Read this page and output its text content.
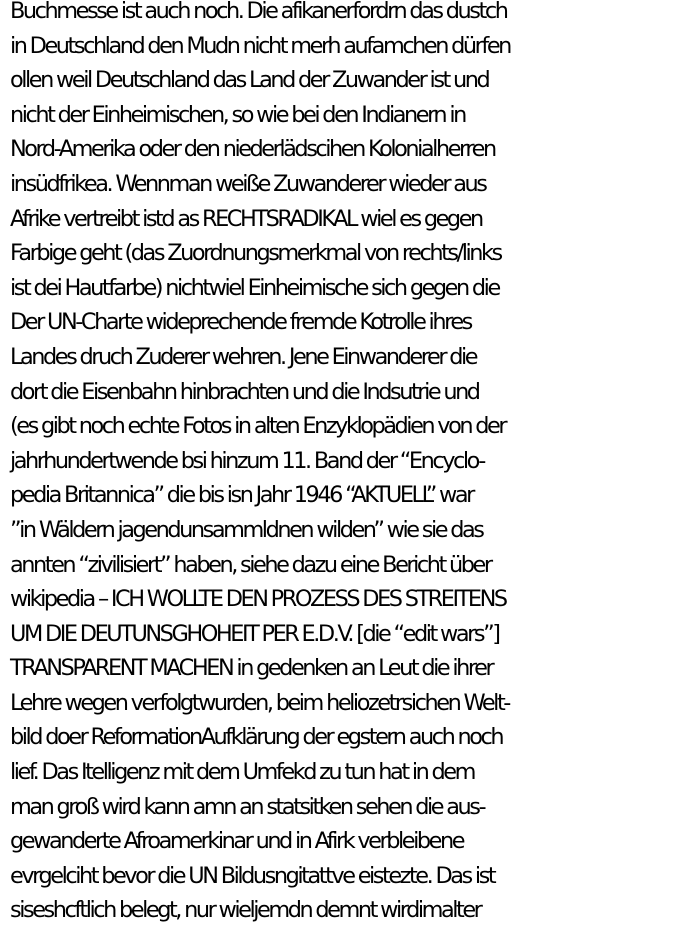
Buchmesse ist auch noch. Die afikanerfordrn das dustch
in Deutschland den Mudn nicht merh aufamchen dürfen
ollen weil Deutschland das Land der Zuwander ist und
nicht der Einheimischen, so wie bei den Indianern in
Nord-Amerika oder den niederlädscihen Kolonialherren
insüdfrikea. Wennman weiße Zuwanderer wieder aus
Afrike vertreibt istd as RECHTSRADIKAL wiel es gegen
Farbige geht (das Zuordnungsmerkmal von rechts/links
ist dei Hautfarbe) nichtwiel Einheimische sich gegen die
Der UN-Charte wideprechende fremde Kotrolle ihres
Landes druch Zuderer wehren. Jene Einwanderer die
dort die Eisenbahn hinbrachten und die Indsutrie und
(es gibt noch echte Fotos in alten Enzyklopädien von der
jahrhundertwende bsi hinzum 11. Band der “Encyclo-
pedia Britannica” die bis isn Jahr 1946 “AKTUELL” war
”in Wäldern jagendunsammldnen wilden” wie sie das
annten “zivilisiert” haben, siehe dazu eine Bericht über
wikipedia – ICH WOLLTE DEN PROZESS DES STREITENS
UM DIE DEUTUNSGHOHEIT PER E.D.V. [die “edit wars”]
TRANSPARENT MACHEN in gedenken an Leut die ihrer
Lehre wegen verfolgtwurden, beim heliozetrsichen Welt-
bild doer ReformationAufklärung der egstern auch noch
lief. Das Itelligenz mit dem Umfekd zu tun hat in dem
man groß wird kann amn an statsitken sehen die aus-
gewanderte Afroamerkinar und in Afirk verbleibene
evrgelciht bevor die UN Bildusngitattve eistezte. Das ist
siseshcftlich belegt, nur wieljemdn demnt wirdimalter
